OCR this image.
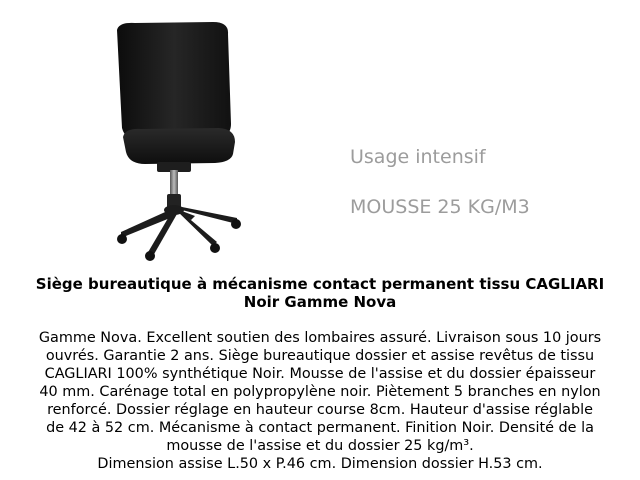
Usage intensif
MOUSSE 25 KG/M3
Siège bureautique à mécanisme contact permanent tissu CAGLIARI
Noir Gamme Nova
Gamme Nova. Excellent soutien des lombaires assuré. Livraison sous 10 jours
ouvrés. Garantie 2 ans. Siège bureautique dossier et assise revêtus de tissu
CAGLIARI 100% synthétique Noir. Mousse de l'assise et du dossier épaisseur
40 mm. Carénage total en polypropylène noir. Piètement 5 branches en nylon
renforcé. Dossier réglage en hauteur course 8cm. Hauteur d'assise réglable
de 42 à 52 cm. Mécanisme à contact permanent. Finition Noir. Densité de la
mousse de l'assise et du dossier 25 kg/m³.
Dimension assise L.50 x P.46 cm. Dimension dossier H.53 cm.
